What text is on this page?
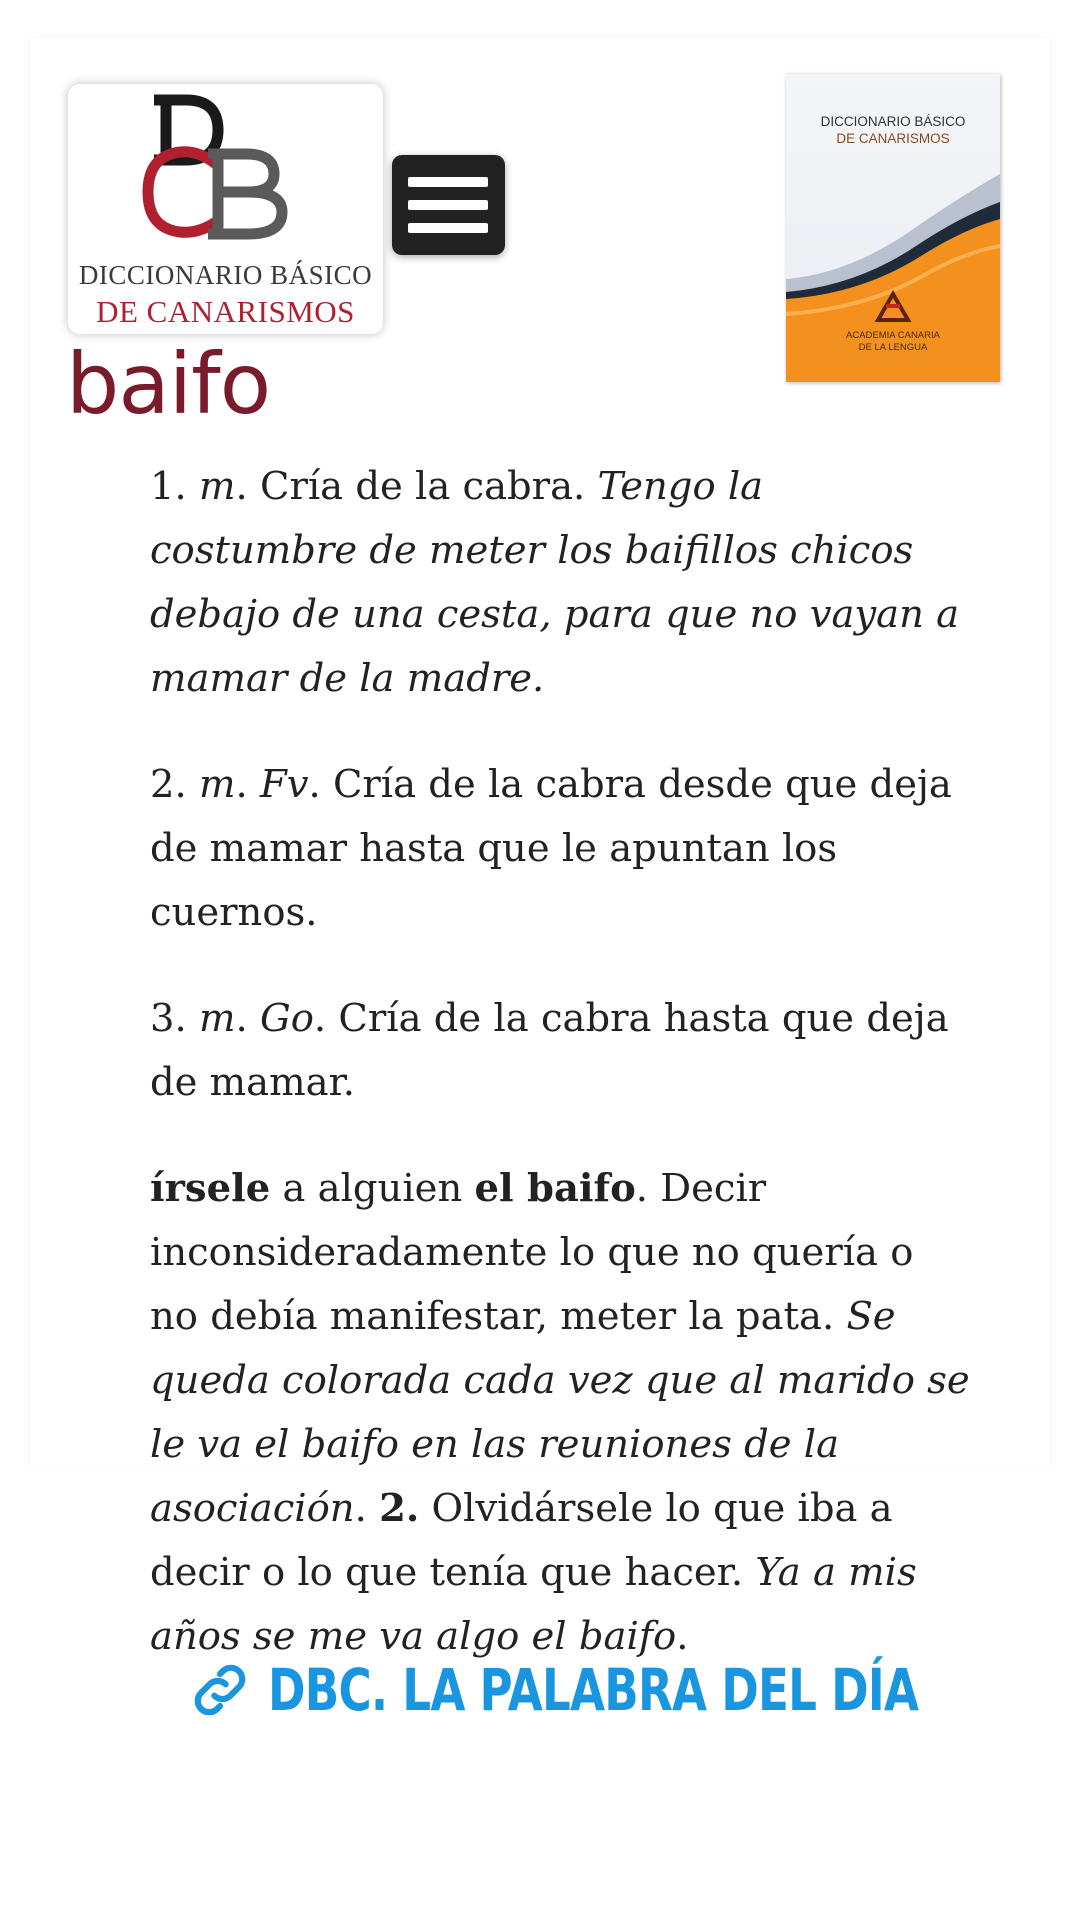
DICCIONARIO BÁSICO
DE CANARISMOS
DICCIONARIO BÁSICO
DE CANARISMOS
ACADEMIA CANARIA
DE LA LENGUA
baifo

1. m. Cría de la cabra. Tengo la costumbre de meter los baifillos chicos debajo de una cesta, para que no vayan a mamar de la madre.

2. m. Fv. Cría de la cabra desde que deja de mamar hasta que le apuntan los cuernos.

3. m. Go. Cría de la cabra hasta que deja de mamar.

írsele a alguien el baifo. Decir inconsideradamente lo que no quería o no debía manifestar, meter la pata. Se queda colorada cada vez que al marido se le va el baifo en las reuniones de la asociación. 2. Olvidársele lo que iba a decir o lo que tenía que hacer. Ya a mis años se me va algo el baifo.

DBC. LA PALABRA DEL DÍA
